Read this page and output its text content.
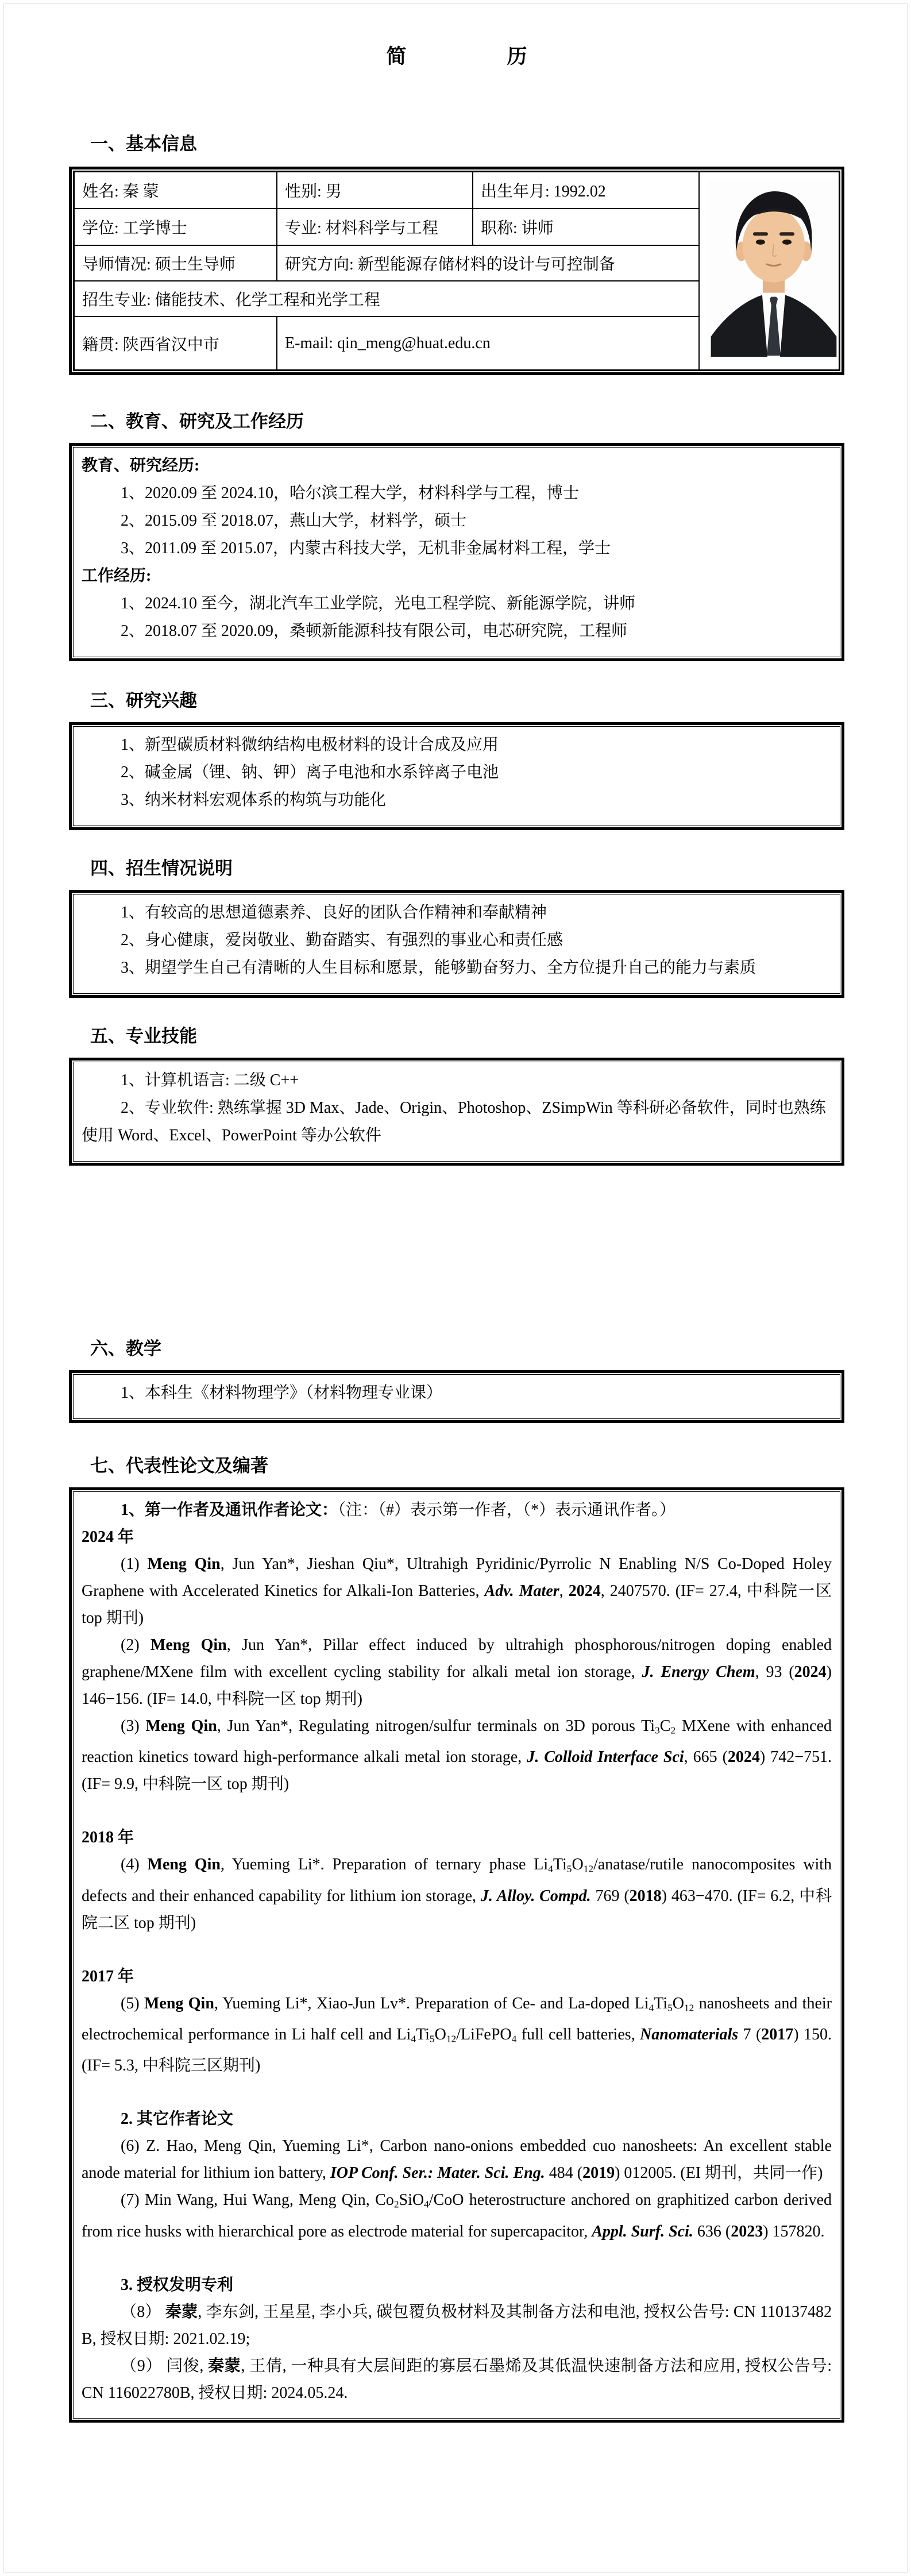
简　　　　　历
一、基本信息
姓名: 秦 蒙	性别: 男	出生年月: 1992.02	
学位: 工学博士	专业: 材料科学与工程	职称: 讲师	
导师情况: 硕士生导师	研究方向: 新型能源存储材料的设计与可控制备		
招生专业: 储能技术、化学工程和光学工程			
籍贯: 陕西省汉中市	E-mail: qin_meng@huat.edu.cn		
二、教育、研究及工作经历
教育、研究经历:
1、2020.09 至 2024.10，哈尔滨工程大学，材料科学与工程，博士
2、2015.09 至 2018.07，燕山大学，材料学，硕士
3、2011.09 至 2015.07，内蒙古科技大学，无机非金属材料工程，学士
工作经历:
1、2024.10 至今，湖北汽车工业学院，光电工程学院、新能源学院，讲师
2、2018.07 至 2020.09，桑顿新能源科技有限公司，电芯研究院，工程师
三、研究兴趣
1、新型碳质材料微纳结构电极材料的设计合成及应用
2、碱金属（锂、钠、钾）离子电池和水系锌离子电池
3、纳米材料宏观体系的构筑与功能化
四、招生情况说明
1、有较高的思想道德素养、良好的团队合作精神和奉献精神
2、身心健康，爱岗敬业、勤奋踏实、有强烈的事业心和责任感
3、期望学生自己有清晰的人生目标和愿景，能够勤奋努力、全方位提升自己的能力与素质
五、专业技能
1、计算机语言: 二级 C++
2、专业软件: 熟练掌握 3D Max、Jade、Origin、Photoshop、ZSimpWin 等科研必备软件，同时也熟练使用 Word、Excel、PowerPoint 等办公软件
六、教学
1、本科生《材料物理学》（材料物理专业课）
七、代表性论文及编著
1、第一作者及通讯作者论文：（注：（#）表示第一作者，（*）表示通讯作者。）
2024 年
(1) Meng Qin, Jun Yan*, Jieshan Qiu*, Ultrahigh Pyridinic/Pyrrolic N Enabling N/S Co-Doped Holey Graphene with Accelerated Kinetics for Alkali-Ion Batteries, Adv. Mater, 2024, 2407570. (IF= 27.4, 中科院一区 top 期刊)
(2) Meng Qin, Jun Yan*, Pillar effect induced by ultrahigh phosphorous/nitrogen doping enabled graphene/MXene film with excellent cycling stability for alkali metal ion storage, J. Energy Chem, 93 (2024) 146−156. (IF= 14.0, 中科院一区 top 期刊)
(3) Meng Qin, Jun Yan*, Regulating nitrogen/sulfur terminals on 3D porous Ti3C2 MXene with enhanced reaction kinetics toward high-performance alkali metal ion storage, J. Colloid Interface Sci, 665 (2024) 742−751. (IF= 9.9, 中科院一区 top 期刊)
2018 年
(4) Meng Qin, Yueming Li*. Preparation of ternary phase Li4Ti5O12/anatase/rutile nanocomposites with defects and their enhanced capability for lithium ion storage, J. Alloy. Compd. 769 (2018) 463−470. (IF= 6.2, 中科院二区 top 期刊)
2017 年
(5) Meng Qin, Yueming Li*, Xiao-Jun Lv*. Preparation of Ce- and La-doped Li4Ti5O12 nanosheets and their electrochemical performance in Li half cell and Li4Ti5O12/LiFePO4 full cell batteries, Nanomaterials 7 (2017) 150. (IF= 5.3, 中科院三区期刊)
2. 其它作者论文
(6) Z. Hao, Meng Qin, Yueming Li*, Carbon nano-onions embedded cuo nanosheets: An excellent stable anode material for lithium ion battery, IOP Conf. Ser.: Mater. Sci. Eng. 484 (2019) 012005. (EI 期刊，共同一作)
(7) Min Wang, Hui Wang, Meng Qin, Co2SiO4/CoO heterostructure anchored on graphitized carbon derived from rice husks with hierarchical pore as electrode material for supercapacitor, Appl. Surf. Sci. 636 (2023) 157820.
3. 授权发明专利
（8） 秦蒙, 李东剑, 王星星, 李小兵, 碳包覆负极材料及其制备方法和电池, 授权公告号: CN 110137482 B, 授权日期: 2021.02.19;
（9） 闫俊, 秦蒙, 王倩, 一种具有大层间距的寡层石墨烯及其低温快速制备方法和应用, 授权公告号: CN 116022780B, 授权日期: 2024.05.24.
